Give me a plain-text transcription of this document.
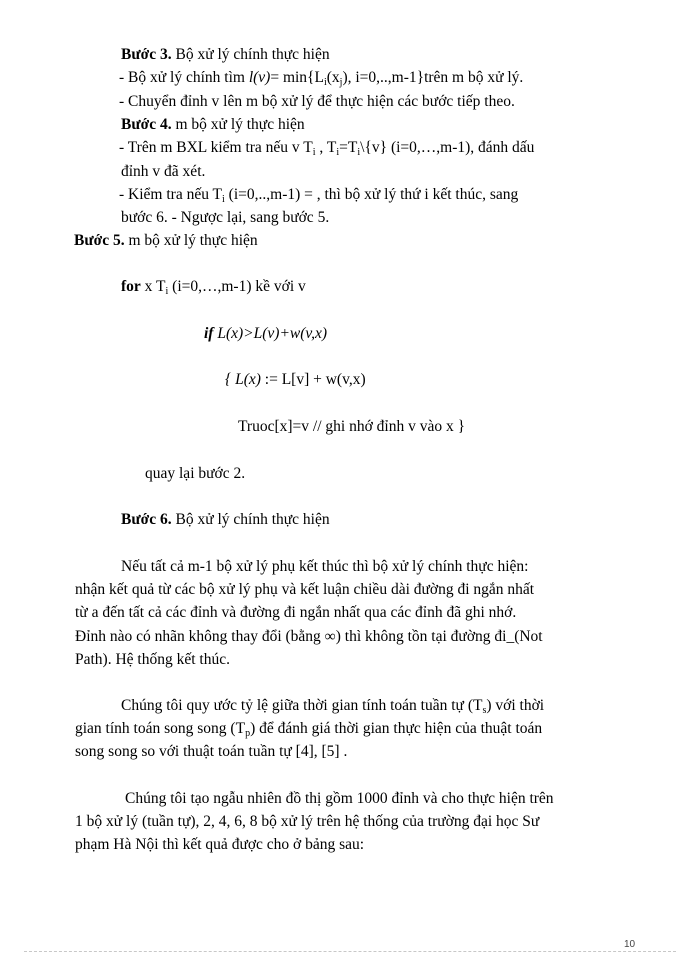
Bước 3. Bộ xử lý chính thực hiện
- Bộ xử lý chính tìm $l(v)= \min\{L_i(x_j)$, i=0,..,m-1}trên m bộ xử lý.
- Chuyển đỉnh v lên m bộ xử lý để thực hiện các bước tiếp theo.
Bước 4. m bộ xử lý thực hiện
- Trên m BXL kiểm tra nếu v $T_i$ , $T_i=T_i\backslash\{v\}$ (i=0,…,m-1), đánh dấu
đỉnh v đã xét.
- Kiểm tra nếu $T_i$ (i=0,..,m-1) = , thì bộ xử lý thứ i kết thúc, sang
bước 6. - Ngược lại, sang bước 5.
Bước 5. m bộ xử lý thực hiện
for x $T_i$ (i=0,…,m-1) kề với v
if L(x)>L(v)+w(v,x)
{ L(x) := L[v] + w(v,x)
Truoc[x]=v // ghi nhớ đỉnh v vào x }
quay lại bước 2.
Bước 6. Bộ xử lý chính thực hiện
Nếu tất cả m-1 bộ xử lý phụ kết thúc thì bộ xử lý chính thực hiện:
nhận kết quả từ các bộ xử lý phụ và kết luận chiều dài đường đi ngắn nhất
từ a đến tất cả các đỉnh và đường đi ngắn nhất qua các đỉnh đã ghi nhớ.
Đỉnh nào có nhãn không thay đổi (bằng ∞) thì không tồn tại đường đi_(Not
Path). Hệ thống kết thúc.
Chúng tôi quy ước tỷ lệ giữa thời gian tính toán tuần tự $(T_s)$ với thời
gian tính toán song song $(T_p)$ để đánh giá thời gian thực hiện của thuật toán
song song so với thuật toán tuần tự [4], [5] .
Chúng tôi tạo ngẫu nhiên đồ thị gồm 1000 đỉnh và cho thực hiện trên
1 bộ xử lý (tuần tự), 2, 4, 6, 8 bộ xử lý trên hệ thống của trường đại học Sư
phạm Hà Nội thì kết quả được cho ở bảng sau:
10
